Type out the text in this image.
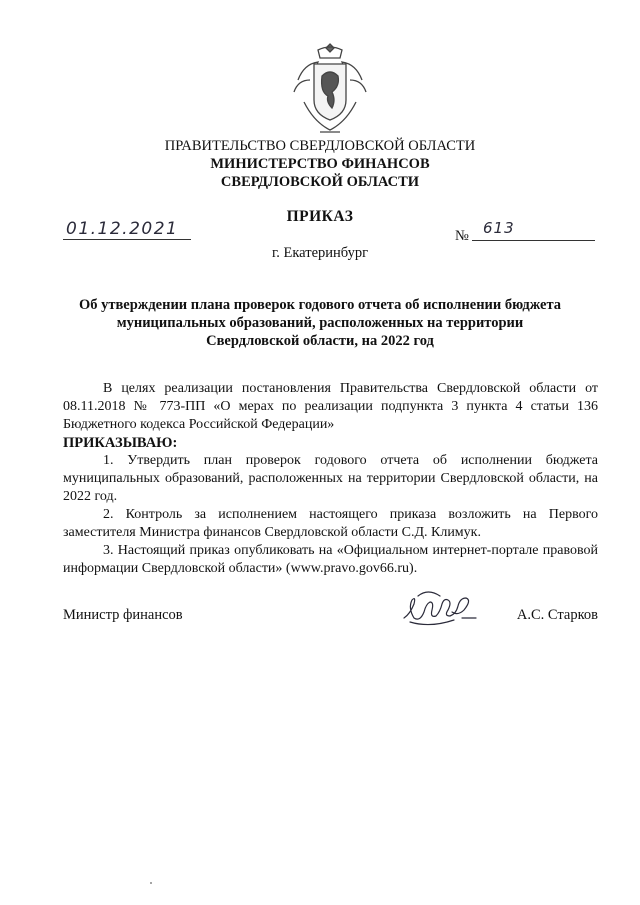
ПРАВИТЕЛЬСТВО СВЕРДЛОВСКОЙ ОБЛАСТИ
МИНИСТЕРСТВО ФИНАНСОВ
СВЕРДЛОВСКОЙ ОБЛАСТИ
ПРИКАЗ
01.12.2021	№ 613
г. Екатеринбург
Об утверждении плана проверок годового отчета об исполнении бюджета
муниципальных образований, расположенных на территории
Свердловской области, на 2022 год

В целях реализации постановления Правительства Свердловской области от 08.11.2018 № 773-ПП «О мерах по реализации подпункта 3 пункта 4 статьи 136 Бюджетного кодекса Российской Федерации»

ПРИКАЗЫВАЮ:

1. Утвердить план проверок годового отчета об исполнении бюджета муниципальных образований, расположенных на территории Свердловской области, на 2022 год.

2. Контроль за исполнением настоящего приказа возложить на Первого заместителя Министра финансов Свердловской области С.Д. Климук.

3. Настоящий приказ опубликовать на «Официальном интернет-портале правовой информации Свердловской области» (www.pravo.gov66.ru).

Министр финансов	А.С. Старков
